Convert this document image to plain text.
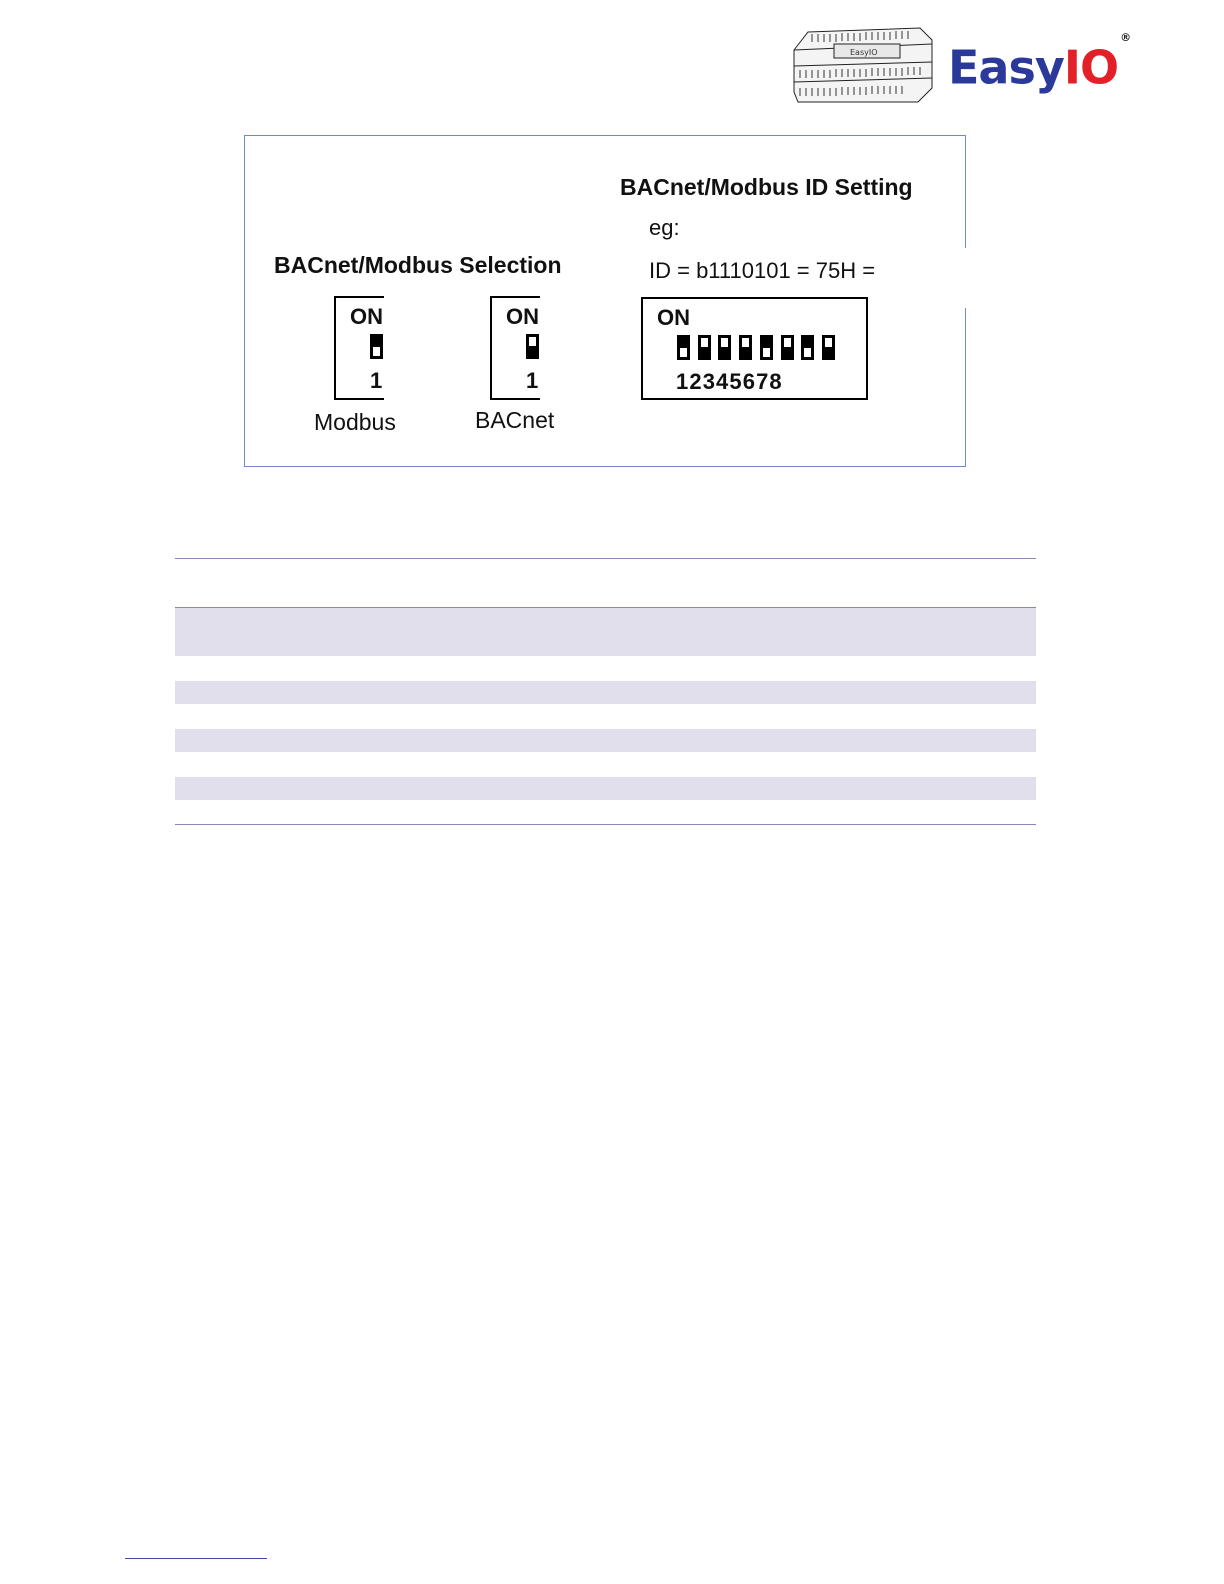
EasyIO EasyIO®
BACnet/Modbus ID Setting
eg:
ID = b1110101 = 75H =
BACnet/Modbus Selection
ON
1
Modbus
ON
1
BACnet
ON
1 2 3 4 5 6 7 8
